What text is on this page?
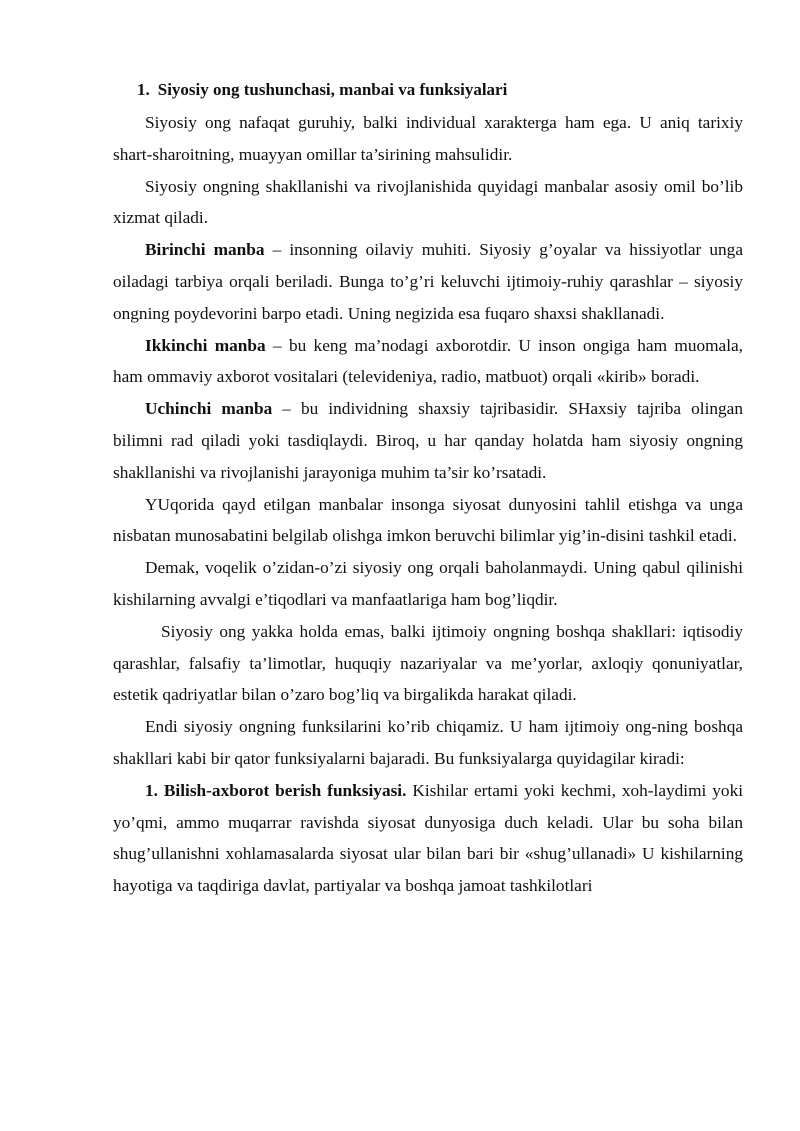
1. Siyosiy ong tushunchasi, manbai va funksiyalari

Siyosiy ong nafaqat guruhiy, balki individual xarakterga ham ega. U aniq tarixiy shart-sharoitning, muayyan omillar ta’sirining mahsulidir.

Siyosiy ongning shakllanishi va rivojlanishida quyidagi manbalar asosiy omil bo’lib xizmat qiladi.

Birinchi manba – insonning oilaviy muhiti. Siyosiy g’oyalar va hissiyotlar unga oiladagi tarbiya orqali beriladi. Bunga to’g’ri keluvchi ijtimoiy-ruhiy qarashlar – siyosiy ongning poydevorini barpo etadi. Uning negizida esa fuqaro shaxsi shakllanadi.

Ikkinchi manba – bu keng ma’nodagi axborotdir. U inson ongiga ham muomala, ham ommaviy axborot vositalari (televideniya, radio, matbuot) orqali «kirib» boradi.

Uchinchi manba – bu individning shaxsiy tajribasidir. SHaxsiy tajriba olingan bilimni rad qiladi yoki tasdiqlaydi. Biroq, u har qanday holatda ham siyosiy ongning shakllanishi va rivojlanishi jarayoniga muhim ta’sir ko’rsatadi.

YUqorida qayd etilgan manbalar insonga siyosat dunyosini tahlil etishga va unga nisbatan munosabatini belgilab olishga imkon beruvchi bilimlar yig’in-disini tashkil etadi.

Demak, voqelik o’zidan-o’zi siyosiy ong orqali baholanmaydi. Uning qabul qilinishi kishilarning avvalgi e’tiqodlari va manfaatlariga ham bog’liqdir.

Siyosiy ong yakka holda emas, balki ijtimoiy ongning boshqa shakllari: iqtisodiy qarashlar, falsafiy ta’limotlar, huquqiy nazariyalar va me’yorlar, axloqiy qonuniyatlar, estetik qadriyatlar bilan o’zaro bog’liq va birgalikda harakat qiladi.

Endi siyosiy ongning funksilarini ko’rib chiqamiz. U ham ijtimoiy ong-ning boshqa shakllari kabi bir qator funksiyalarni bajaradi. Bu funksiyalarga quyidagilar kiradi:

1. Bilish-axborot berish funksiyasi. Kishilar ertami yoki kechmi, xoh-laydimi yoki yo’qmi, ammo muqarrar ravishda siyosat dunyosiga duch keladi. Ular bu soha bilan shug’ullanishni xohlamasalarda siyosat ular bilan bari bir «shug’ullanadi» U kishilarning hayotiga va taqdiriga davlat, partiyalar va boshqa jamoat tashkilotlari
